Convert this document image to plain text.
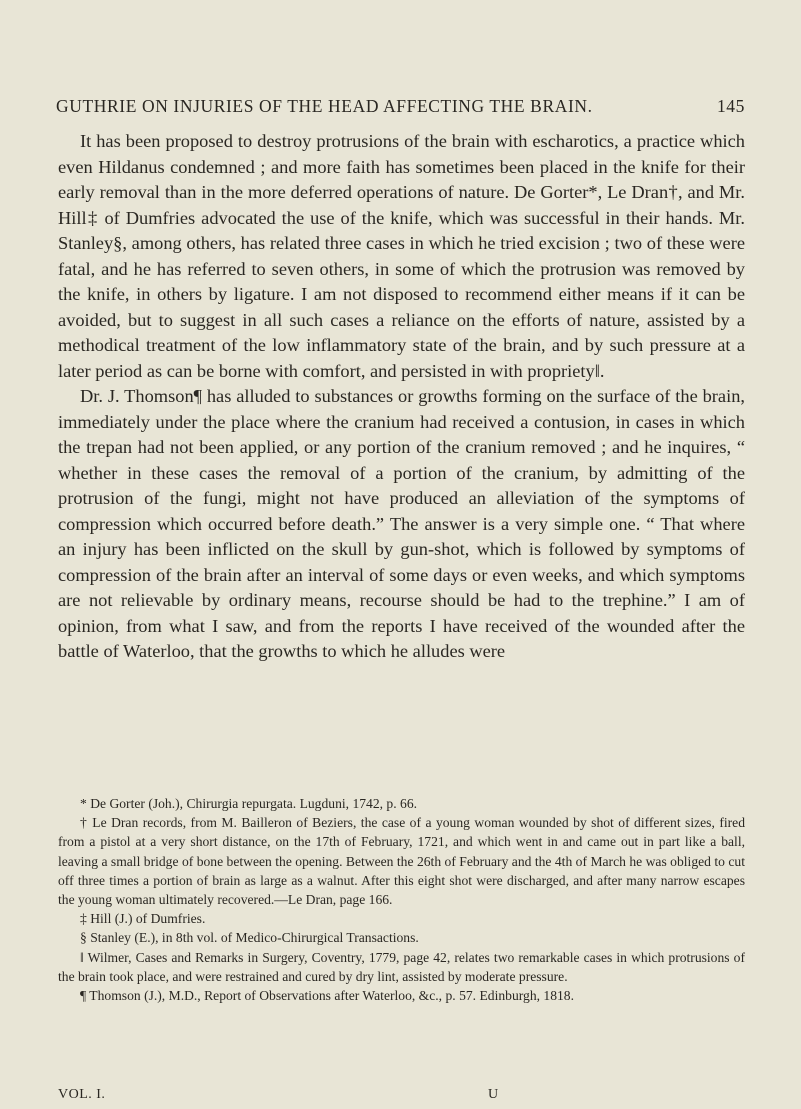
GUTHRIE ON INJURIES OF THE HEAD AFFECTING THE BRAIN.	145

It has been proposed to destroy protrusions of the brain with escharotics, a practice which even Hildanus condemned ; and more faith has sometimes been placed in the knife for their early removal than in the more deferred operations of nature. De Gorter*, Le Dran†, and Mr. Hill‡ of Dumfries advocated the use of the knife, which was successful in their hands. Mr. Stanley§, among others, has related three cases in which he tried excision ; two of these were fatal, and he has referred to seven others, in some of which the protrusion was removed by the knife, in others by ligature. I am not disposed to recommend either means if it can be avoided, but to suggest in all such cases a reliance on the efforts of nature, assisted by a methodical treatment of the low inflammatory state of the brain, and by such pressure at a later period as can be borne with comfort, and persisted in with propriety‖.

Dr. J. Thomson¶ has alluded to substances or growths forming on the surface of the brain, immediately under the place where the cranium had received a contusion, in cases in which the trepan had not been applied, or any portion of the cranium removed ; and he inquires, “ whether in these cases the removal of a portion of the cranium, by admitting of the protrusion of the fungi, might not have produced an alleviation of the symptoms of compression which occurred before death.” The answer is a very simple one. “ That where an injury has been inflicted on the skull by gun-shot, which is followed by symptoms of compression of the brain after an interval of some days or even weeks, and which symptoms are not relievable by ordinary means, recourse should be had to the trephine.” I am of opinion, from what I saw, and from the reports I have received of the wounded after the battle of Waterloo, that the growths to which he alludes were

* De Gorter (Joh.), Chirurgia repurgata. Lugduni, 1742, p. 66.

† Le Dran records, from M. Bailleron of Beziers, the case of a young woman wounded by shot of different sizes, fired from a pistol at a very short distance, on the 17th of February, 1721, and which went in and came out in part like a ball, leaving a small bridge of bone between the opening. Between the 26th of February and the 4th of March he was obliged to cut off three times a portion of brain as large as a walnut. After this eight shot were discharged, and after many narrow escapes the young woman ultimately recovered.—Le Dran, page 166.

‡ Hill (J.) of Dumfries.

§ Stanley (E.), in 8th vol. of Medico-Chirurgical Transactions.

‖ Wilmer, Cases and Remarks in Surgery, Coventry, 1779, page 42, relates two remarkable cases in which protrusions of the brain took place, and were restrained and cured by dry lint, assisted by moderate pressure.

¶ Thomson (J.), M.D., Report of Observations after Waterloo, &c., p. 57. Edinburgh, 1818.

VOL. I.	U
